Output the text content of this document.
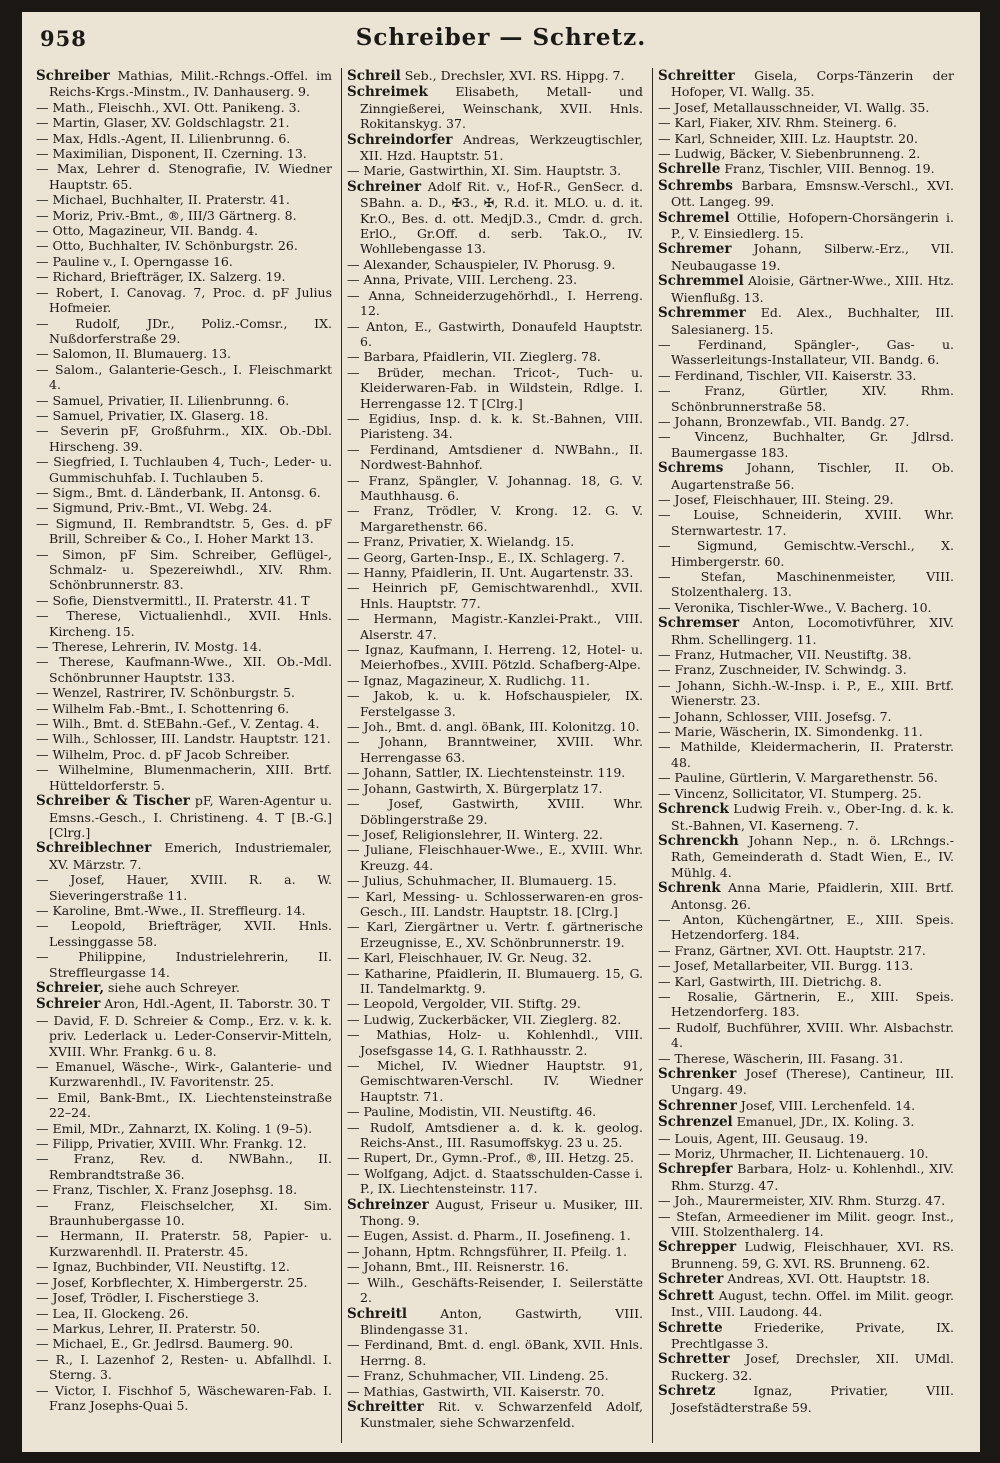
958	Schreiber — Schretz.
Schreiber Mathias, Milit.-Rchngs.-Offel. im Reichs-Krgs.-Minstm., IV. Danhauserg. 9.
— Math., Fleischh., XVI. Ott. Panikeng. 3.
— Martin, Glaser, XV. Goldschlagstr. 21.
— Max, Hdls.-Agent, II. Lilienbrunng. 6.
— Maximilian, Disponent, II. Czerning. 13.
— Max, Lehrer d. Stenografie, IV. Wiedner Hauptstr. 65.
— Michael, Buchhalter, II. Praterstr. 41.
— Moriz, Priv.-Bmt., ®, III/3 Gärtnerg. 8.
— Otto, Magazineur, VII. Bandg. 4.
— Otto, Buchhalter, IV. Schönburgstr. 26.
— Pauline v., I. Operngasse 16.
— Richard, Briefträger, IX. Salzerg. 19.
— Robert, I. Canovag. 7, Proc. d. pF Julius Hofmeier.
— Rudolf, JDr., Poliz.-Comsr., IX. Nußdorferstraße 29.
— Salomon, II. Blumauerg. 13.
— Salom., Galanterie-Gesch., I. Fleischmarkt 4.
— Samuel, Privatier, II. Lilienbrunng. 6.
— Samuel, Privatier, IX. Glaserg. 18.
— Severin pF, Großfuhrm., XIX. Ob.-Dbl. Hirscheng. 39.
— Siegfried, I. Tuchlauben 4, Tuch-, Leder- u. Gummischuhfab. I. Tuchlauben 5.
— Sigm., Bmt. d. Länderbank, II. Antonsg. 6.
— Sigmund, Priv.-Bmt., VI. Webg. 24.
— Sigmund, II. Rembrandtstr. 5, Ges. d. pF Brill, Schreiber & Co., I. Hoher Markt 13.
— Simon, pF Sim. Schreiber, Geflügel-, Schmalz- u. Spezereiwhdl., XIV. Rhm. Schönbrunnerstr. 83.
— Sofie, Dienstvermittl., II. Praterstr. 41. T
— Therese, Victualienhdl., XVII. Hnls. Kircheng. 15.
— Therese, Lehrerin, IV. Mostg. 14.
— Therese, Kaufmann-Wwe., XII. Ob.-Mdl. Schönbrunner Hauptstr. 133.
— Wenzel, Rastrirer, IV. Schönburgstr. 5.
— Wilhelm Fab.-Bmt., I. Schottenring 6.
— Wilh., Bmt. d. StEBahn.-Gef., V. Zentag. 4.
— Wilh., Schlosser, III. Landstr. Hauptstr. 121.
— Wilhelm, Proc. d. pF Jacob Schreiber.
— Wilhelmine, Blumenmacherin, XIII. Brtf. Hütteldorferstr. 5.
Schreiber & Tischer pF, Waren-Agentur u. Emsns.-Gesch., I. Christineng. 4. T [B.-G.] [Clrg.]
Schreiblechner Emerich, Industriemaler, XV. Märzstr. 7.
— Josef, Hauer, XVIII. R. a. W. Sieveringerstraße 11.
— Karoline, Bmt.-Wwe., II. Streffleurg. 14.
— Leopold, Briefträger, XVII. Hnls. Lessinggasse 58.
— Philippine, Industrielehrerin, II. Streffleurgasse 14.
Schreier, siehe auch Schreyer.
Schreier Aron, Hdl.-Agent, II. Taborstr. 30. T
— David, F. D. Schreier & Comp., Erz. v. k. k. priv. Lederlack u. Leder-Conservir-Mitteln, XVIII. Whr. Frankg. 6 u. 8.
— Emanuel, Wäsche-, Wirk-, Galanterie- und Kurzwarenhdl., IV. Favoritenstr. 25.
— Emil, Bank-Bmt., IX. Liechtensteinstraße 22–24.
— Emil, MDr., Zahnarzt, IX. Koling. 1 (9–5).
— Filipp, Privatier, XVIII. Whr. Frankg. 12.
— Franz, Rev. d. NWBahn., II. Rembrandtstraße 36.
— Franz, Tischler, X. Franz Josephsg. 18.
— Franz, Fleischselcher, XI. Sim. Braunhubergasse 10.
— Hermann, II. Praterstr. 58, Papier- u. Kurzwarenhdl. II. Praterstr. 45.
— Ignaz, Buchbinder, VII. Neustiftg. 12.
— Josef, Korbflechter, X. Himbergerstr. 25.
— Josef, Trödler, I. Fischerstiege 3.
— Lea, II. Glockeng. 26.
— Markus, Lehrer, II. Praterstr. 50.
— Michael, E., Gr. Jedlrsd. Baumerg. 90.
— R., I. Lazenhof 2, Resten- u. Abfallhdl. I. Sterng. 3.
— Victor, I. Fischhof 5, Wäschewaren-Fab. I. Franz Josephs-Quai 5.
Schreil Seb., Drechsler, XVI. RS. Hippg. 7.
Schreimek Elisabeth, Metall- und Zinngießerei, Weinschank, XVII. Hnls. Rokitanskyg. 37.
Schreindorfer Andreas, Werkzeugtischler, XII. Hzd. Hauptstr. 51.
— Marie, Gastwirthin, XI. Sim. Hauptstr. 3.
Schreiner Adolf Rit. v., Hof-R., GenSecr. d. SBahn. a. D., ✠3., ✠, R.d. it. MLO. u. d. it. Kr.O., Bes. d. ott. MedjD.3., Cmdr. d. grch. ErlO., Gr.Off. d. serb. Tak.O., IV. Wohllebengasse 13.
— Alexander, Schauspieler, IV. Phorusg. 9.
— Anna, Private, VIII. Lercheng. 23.
— Anna, Schneiderzugehörhdl., I. Herreng. 12.
— Anton, E., Gastwirth, Donaufeld Hauptstr. 6.
— Barbara, Pfaidlerin, VII. Zieglerg. 78.
— Brüder, mechan. Tricot-, Tuch- u. Kleiderwaren-Fab. in Wildstein, Rdlge. I. Herrengasse 12. T [Clrg.]
— Egidius, Insp. d. k. k. St.-Bahnen, VIII. Piaristeng. 34.
— Ferdinand, Amtsdiener d. NWBahn., II. Nordwest-Bahnhof.
— Franz, Spängler, V. Johannag. 18, G. V. Mauthhausg. 6.
— Franz, Trödler, V. Krong. 12. G. V. Margarethenstr. 66.
— Franz, Privatier, X. Wielandg. 15.
— Georg, Garten-Insp., E., IX. Schlagerg. 7.
— Hanny, Pfaidlerin, II. Unt. Augartenstr. 33.
— Heinrich pF, Gemischtwarenhdl., XVII. Hnls. Hauptstr. 77.
— Hermann, Magistr.-Kanzlei-Prakt., VIII. Alserstr. 47.
— Ignaz, Kaufmann, I. Herreng. 12, Hotel- u. Meierhofbes., XVIII. Pötzld. Schafberg-Alpe.
— Ignaz, Magazineur, X. Rudlichg. 11.
— Jakob, k. u. k. Hofschauspieler, IX. Ferstelgasse 3.
— Joh., Bmt. d. angl. öBank, III. Kolonitzg. 10.
— Johann, Branntweiner, XVIII. Whr. Herrengasse 63.
— Johann, Sattler, IX. Liechtensteinstr. 119.
— Johann, Gastwirth, X. Bürgerplatz 17.
— Josef, Gastwirth, XVIII. Whr. Döblingerstraße 29.
— Josef, Religionslehrer, II. Winterg. 22.
— Juliane, Fleischhauer-Wwe., E., XVIII. Whr. Kreuzg. 44.
— Julius, Schuhmacher, II. Blumauerg. 15.
— Karl, Messing- u. Schlosserwaren-en gros-Gesch., III. Landstr. Hauptstr. 18. [Clrg.]
— Karl, Ziergärtner u. Vertr. f. gärtnerische Erzeugnisse, E., XV. Schönbrunnerstr. 19.
— Karl, Fleischhauer, IV. Gr. Neug. 32.
— Katharine, Pfaidlerin, II. Blumauerg. 15, G. II. Tandelmarktg. 9.
— Leopold, Vergolder, VII. Stiftg. 29.
— Ludwig, Zuckerbäcker, VII. Zieglerg. 82.
— Mathias, Holz- u. Kohlenhdl., VIII. Josefsgasse 14, G. I. Rathhausstr. 2.
— Michel, IV. Wiedner Hauptstr. 91, Gemischtwaren-Verschl. IV. Wiedner Hauptstr. 71.
— Pauline, Modistin, VII. Neustiftg. 46.
— Rudolf, Amtsdiener a. d. k. k. geolog. Reichs-Anst., III. Rasumoffskyg. 23 u. 25.
— Rupert, Dr., Gymn.-Prof., ®, III. Hetzg. 25.
— Wolfgang, Adjct. d. Staatsschulden-Casse i. P., IX. Liechtensteinstr. 117.
Schreinzer August, Friseur u. Musiker, III. Thong. 9.
— Eugen, Assist. d. Pharm., II. Josefineng. 1.
— Johann, Hptm. Rchngsführer, II. Pfeilg. 1.
— Johann, Bmt., III. Reisnerstr. 16.
— Wilh., Geschäfts-Reisender, I. Seilerstätte 2.
Schreitl Anton, Gastwirth, VIII. Blindengasse 31.
— Ferdinand, Bmt. d. engl. öBank, XVII. Hnls. Herrng. 8.
— Franz, Schuhmacher, VII. Lindeng. 25.
— Mathias, Gastwirth, VII. Kaiserstr. 70.
Schreitter Rit. v. Schwarzenfeld Adolf, Kunstmaler, siehe Schwarzenfeld.
Schreitter Gisela, Corps-Tänzerin der Hofoper, VI. Wallg. 35.
— Josef, Metallausschneider, VI. Wallg. 35.
— Karl, Fiaker, XIV. Rhm. Steinerg. 6.
— Karl, Schneider, XIII. Lz. Hauptstr. 20.
— Ludwig, Bäcker, V. Siebenbrunneng. 2.
Schrelle Franz, Tischler, VIII. Bennog. 19.
Schrembs Barbara, Emsnsw.-Verschl., XVI. Ott. Langeg. 99.
Schremel Ottilie, Hofopern-Chorsängerin i. P., V. Einsiedlerg. 15.
Schremer Johann, Silberw.-Erz., VII. Neubaugasse 19.
Schremmel Aloisie, Gärtner-Wwe., XIII. Htz. Wienflußg. 13.
Schremmer Ed. Alex., Buchhalter, III. Salesianerg. 15.
— Ferdinand, Spängler-, Gas- u. Wasserleitungs-Installateur, VII. Bandg. 6.
— Ferdinand, Tischler, VII. Kaiserstr. 33.
— Franz, Gürtler, XIV. Rhm. Schönbrunnerstraße 58.
— Johann, Bronzewfab., VII. Bandg. 27.
— Vincenz, Buchhalter, Gr. Jdlrsd. Baumergasse 183.
Schrems Johann, Tischler, II. Ob. Augartenstraße 56.
— Josef, Fleischhauer, III. Steing. 29.
— Louise, Schneiderin, XVIII. Whr. Sternwartestr. 17.
— Sigmund, Gemischtw.-Verschl., X. Himbergerstr. 60.
— Stefan, Maschinenmeister, VIII. Stolzenthalerg. 13.
— Veronika, Tischler-Wwe., V. Bacherg. 10.
Schremser Anton, Locomotivführer, XIV. Rhm. Schellingerg. 11.
— Franz, Hutmacher, VII. Neustiftg. 38.
— Franz, Zuschneider, IV. Schwindg. 3.
— Johann, Sichh.-W.-Insp. i. P., E., XIII. Brtf. Wienerstr. 23.
— Johann, Schlosser, VIII. Josefsg. 7.
— Marie, Wäscherin, IX. Simondenkg. 11.
— Mathilde, Kleidermacherin, II. Praterstr. 48.
— Pauline, Gürtlerin, V. Margarethenstr. 56.
— Vincenz, Sollicitator, VI. Stumperg. 25.
Schrenck Ludwig Freih. v., Ober-Ing. d. k. k. St.-Bahnen, VI. Kaserneng. 7.
Schrenckh Johann Nep., n. ö. LRchngs.-Rath, Gemeinderath d. Stadt Wien, E., IV. Mühlg. 4.
Schrenk Anna Marie, Pfaidlerin, XIII. Brtf. Antonsg. 26.
— Anton, Küchengärtner, E., XIII. Speis. Hetzendorferg. 184.
— Franz, Gärtner, XVI. Ott. Hauptstr. 217.
— Josef, Metallarbeiter, VII. Burgg. 113.
— Karl, Gastwirth, III. Dietrichg. 8.
— Rosalie, Gärtnerin, E., XIII. Speis. Hetzendorferg. 183.
— Rudolf, Buchführer, XVIII. Whr. Alsbachstr. 4.
— Therese, Wäscherin, III. Fasang. 31.
Schrenker Josef (Therese), Cantineur, III. Ungarg. 49.
Schrenner Josef, VIII. Lerchenfeld. 14.
Schrenzel Emanuel, JDr., IX. Koling. 3.
— Louis, Agent, III. Geusaug. 19.
— Moriz, Uhrmacher, II. Lichtenauerg. 10.
Schrepfer Barbara, Holz- u. Kohlenhdl., XIV. Rhm. Sturzg. 47.
— Joh., Maurermeister, XIV. Rhm. Sturzg. 47.
— Stefan, Armeediener im Milit. geogr. Inst., VIII. Stolzenthalerg. 14.
Schrepper Ludwig, Fleischhauer, XVI. RS. Brunneng. 59, G. XVI. RS. Brunneng. 62.
Schreter Andreas, XVI. Ott. Hauptstr. 18.
Schrett August, techn. Offel. im Milit. geogr. Inst., VIII. Laudong. 44.
Schrette Friederike, Private, IX. Prechtlgasse 3.
Schretter Josef, Drechsler, XII. UMdl. Ruckerg. 32.
Schretz Ignaz, Privatier, VIII. Josefstädterstraße 59.
